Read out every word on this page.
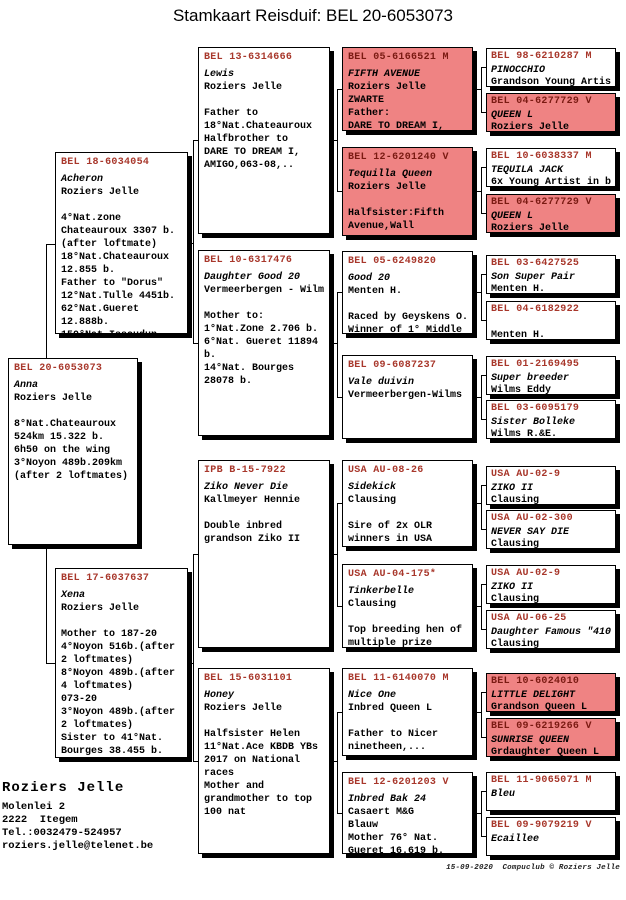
Stamkaart Reisduif: BEL 20-6053073
BEL 20-6053073
Anna
Roziers Jelle

8°Nat.Chateauroux
524km 15.322 b.
6h50 on the wing
3°Noyon 489b.209km
(after 2 loftmates)
BEL 18-6034054
Acheron
Roziers Jelle

4°Nat.zone
Chateauroux 3307 b.
(after loftmate)
18°Nat.Chateauroux
12.855 b.
Father to "Dorus"
12°Nat.Tulle 4451b.
62°Nat.Gueret
12.888b.
150°Nat.Issoudun
BEL 17-6037637
Xena
Roziers Jelle

Mother to 187-20
4°Noyon 516b.(after
2 loftmates)
8°Noyon 489b.(after
4 loftmates)
073-20
3°Noyon 489b.(after
2 loftmates)
Sister to 41°Nat.
Bourges 38.455 b.
BEL 13-6314666
Lewis
Roziers Jelle

Father to
18°Nat.Chateauroux
Halfbrother to
DARE TO DREAM I,
AMIGO,063-08,..
BEL 10-6317476
Daughter Good 20
Vermeerbergen - Wilm

Mother to:
1°Nat.Zone 2.706 b.
6°Nat. Gueret 11894
b.
14°Nat. Bourges
28078 b.
IPB B-15-7922
Ziko Never Die
Kallmeyer Hennie

Double inbred
grandson Ziko II
BEL 15-6031101
Honey
Roziers Jelle

Halfsister Helen
11°Nat.Ace KBDB YBs
2017 on National
races
Mother and
grandmother to top
100 nat
BEL 05-6166521 M
FIFTH AVENUE
Roziers Jelle
ZWARTE
Father:
DARE TO DREAM I,
BEL 12-6201240 V
Tequilla Queen
Roziers Jelle

Halfsister:Fifth
Avenue,Wall
BEL 05-6249820
Good 20
Menten H.

Raced by Geyskens O.
Winner of 1° Middle
BEL 09-6087237
Vale duivin
Vermeerbergen-Wilms
USA AU-08-26
Sidekick
Clausing

Sire of 2x OLR
winners in USA
USA AU-04-175*
Tinkerbelle
Clausing

Top breeding hen of
multiple prize
BEL 11-6140070 M
Nice One
Inbred Queen L

Father to Nicer
ninetheen,...
BEL 12-6201203 V
Inbred Bak 24
Casaert M&G
Blauw
Mother 76° Nat.
Gueret 16.619 b.
BEL 98-6210287 M
PINOCCHIO
Grandson Young Artis
BEL 04-6277729 V
QUEEN L
Roziers Jelle
BEL 10-6038337 M
TEQUILA JACK
6x Young Artist in b
BEL 04-6277729 V
QUEEN L
Roziers Jelle
BEL 03-6427525
Son Super Pair
Menten H.
BEL 04-6182922

Menten H.
BEL 01-2169495
Super breeder
Wilms Eddy
BEL 03-6095179
Sister Bolleke
Wilms R.&E.
USA AU-02-9
ZIKO II
Clausing
USA AU-02-300
NEVER SAY DIE
Clausing
USA AU-02-9
ZIKO II
Clausing
USA AU-06-25
Daughter Famous "410
Clausing
BEL 10-6024010
LITTLE DELIGHT
Grandson Queen L
BEL 09-6219266 V
SUNRISE QUEEN
Grdaughter Queen L
BEL 11-9065071 M
Bleu
BEL 09-9079219 V
Ecaillee
Roziers Jelle
Molenlei 2
2222  Itegem
Tel.:0032479-524957
roziers.jelle@telenet.be
15-09-2020  Compuclub © Roziers Jelle
